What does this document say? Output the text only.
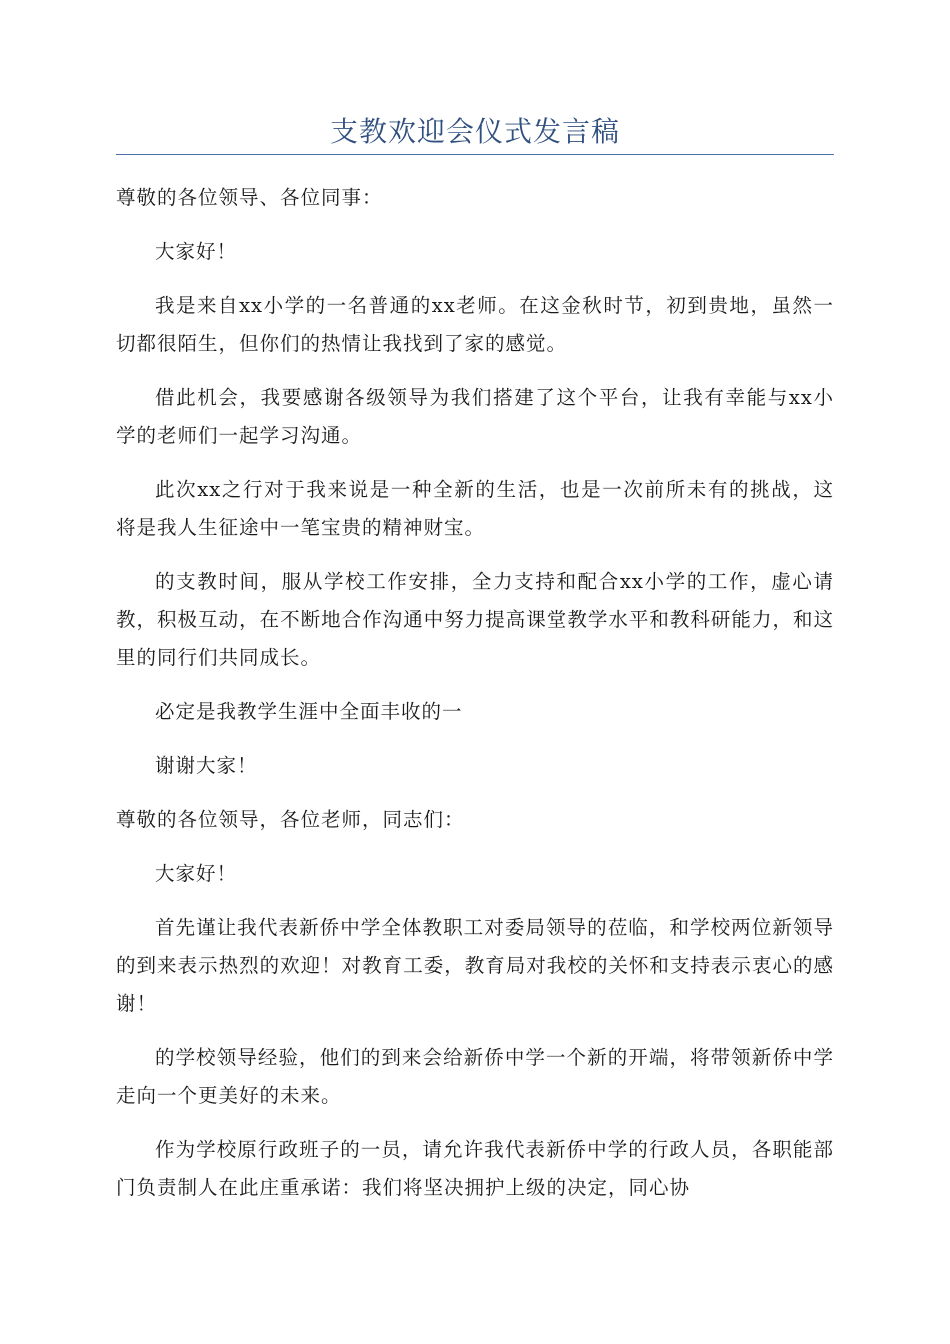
支教欢迎会仪式发言稿

尊敬的各位领导、各位同事：

大家好！

我是来自xx小学的一名普通的xx老师。在这金秋时节，初到贵地，虽然一切都很陌生，但你们的热情让我找到了家的感觉。

借此机会，我要感谢各级领导为我们搭建了这个平台，让我有幸能与xx小学的老师们一起学习沟通。

此次xx之行对于我来说是一种全新的生活，也是一次前所未有的挑战，这将是我人生征途中一笔宝贵的精神财宝。

的支教时间，服从学校工作安排，全力支持和配合xx小学的工作，虚心请教，积极互动，在不断地合作沟通中努力提高课堂教学水平和教科研能力，和这里的同行们共同成长。

必定是我教学生涯中全面丰收的一

谢谢大家！

尊敬的各位领导，各位老师，同志们：

大家好！

首先谨让我代表新侨中学全体教职工对委局领导的莅临，和学校两位新领导的到来表示热烈的欢迎！对教育工委，教育局对我校的关怀和支持表示衷心的感谢！

的学校领导经验，他们的到来会给新侨中学一个新的开端，将带领新侨中学走向一个更美好的未来。

作为学校原行政班子的一员，请允许我代表新侨中学的行政人员，各职能部门负责制人在此庄重承诺：我们将坚决拥护上级的决定，同心协
